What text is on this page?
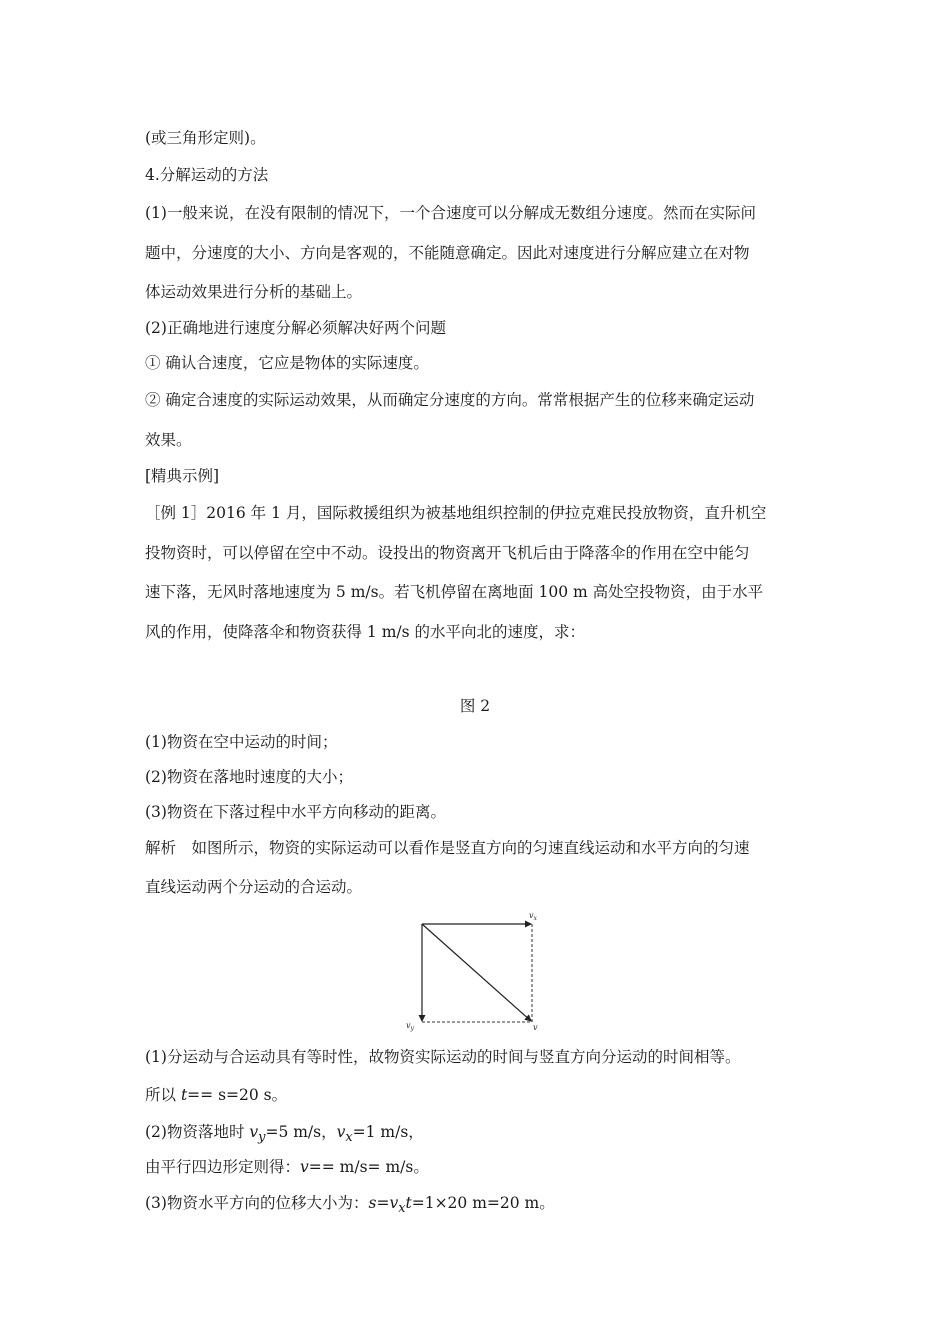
(或三角形定则)。
4.分解运动的方法
(1)一般来说，在没有限制的情况下，一个合速度可以分解成无数组分速度。然而在实际问
题中，分速度的大小、方向是客观的，不能随意确定。因此对速度进行分解应建立在对物
体运动效果进行分析的基础上。
(2)正确地进行速度分解必须解决好两个问题
① 确认合速度，它应是物体的实际速度。
② 确定合速度的实际运动效果，从而确定分速度的方向。常常根据产生的位移来确定运动
效果。
[精典示例]
［例 1］2016 年 1 月，国际救援组织为被基地组织控制的伊拉克难民投放物资，直升机空
投物资时，可以停留在空中不动。设投出的物资离开飞机后由于降落伞的作用在空中能匀
速下落，无风时落地速度为 5 m/s。若飞机停留在离地面 100 m 高处空投物资，由于水平
风的作用，使降落伞和物资获得 1 m/s 的水平向北的速度，求：
图 2
(1)物资在空中运动的时间；
(2)物资在落地时速度的大小；
(3)物资在下落过程中水平方向移动的距离。
解析　如图所示，物资的实际运动可以看作是竖直方向的匀速直线运动和水平方向的匀速
直线运动两个分运动的合运动。
$v_x$
$v_y$	v
(1)分运动与合运动具有等时性，故物资实际运动的时间与竖直方向分运动的时间相等。
所以 t== s=20 s。
(2)物资落地时 $v_y=5$ m/s，$v_x=1$ m/s，
由平行四边形定则得：v== m/s= m/s。
(3)物资水平方向的位移大小为：$s=v_xt=1\times 20$ m=20 m。
